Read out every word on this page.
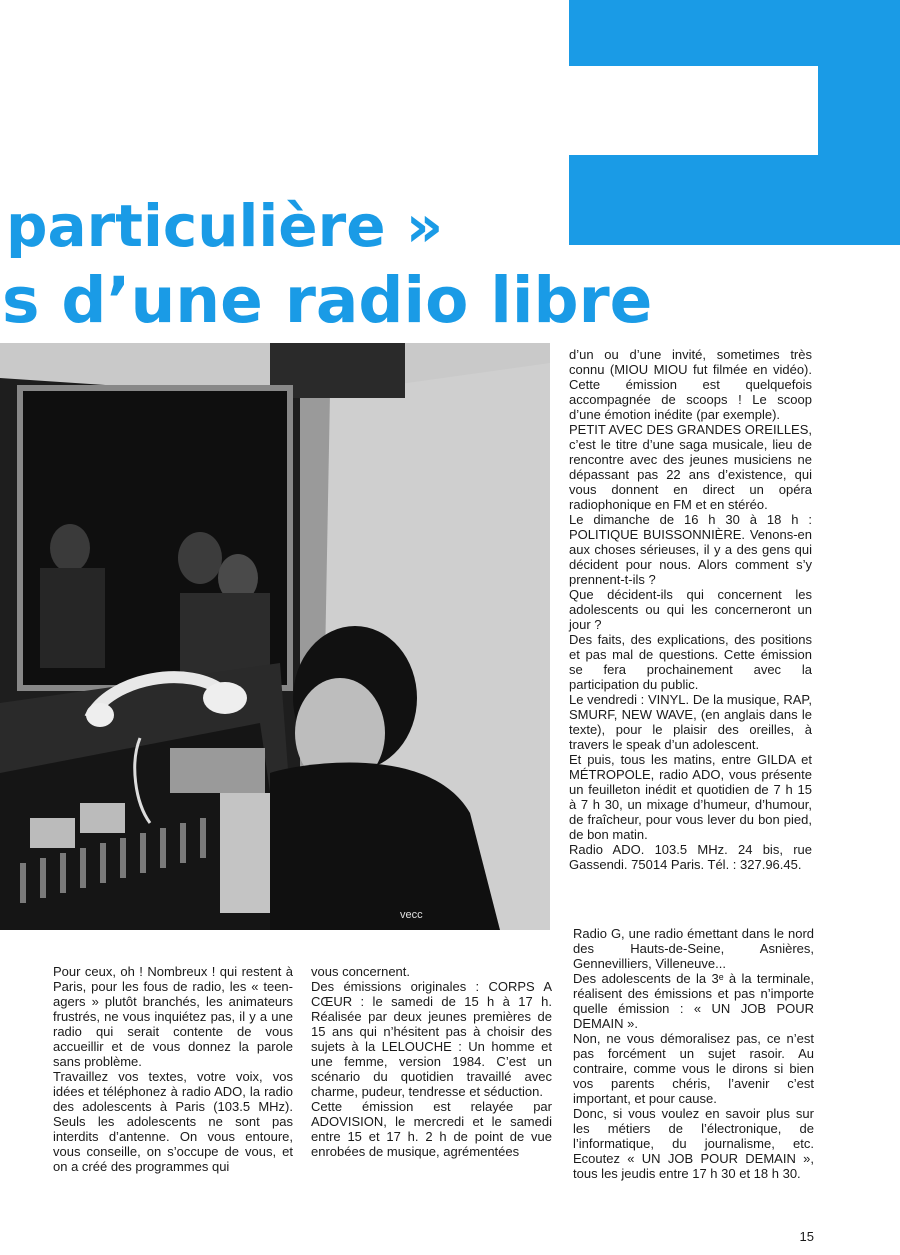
particulière »
s d’une radio libre
vecc

d’un ou d’une invité, sometimes très connu (MIOU MIOU fut filmée en vidéo). Cette émission est quelquefois accompagnée de scoops ! Le scoop d’une émotion inédite (par exemple).

PETIT AVEC DES GRANDES OREILLES, c’est le titre d’une saga musicale, lieu de rencontre avec des jeunes musiciens ne dépassant pas 22 ans d’existence, qui vous donnent en direct un opéra radiophonique en FM et en stéréo.

Le dimanche de 16 h 30 à 18 h : POLITIQUE BUISSONNIÈRE. Venons-en aux choses sérieuses, il y a des gens qui décident pour nous. Alors comment s’y prennent-t-ils ?

Que décident-ils qui concernent les adolescents ou qui les concerneront un jour ?

Des faits, des explications, des positions et pas mal de questions. Cette émission se fera prochainement avec la participation du public.

Le vendredi : VINYL. De la musique, RAP, SMURF, NEW WAVE, (en anglais dans le texte), pour le plaisir des oreilles, à travers le speak d’un adolescent.

Et puis, tous les matins, entre GILDA et MÉTROPOLE, radio ADO, vous présente un feuilleton inédit et quotidien de 7 h 15 à 7 h 30, un mixage d’humeur, d’humour, de fraîcheur, pour vous lever du bon pied, de bon matin.

Radio ADO. 103.5 MHz. 24 bis, rue Gassendi. 75014 Paris. Tél. : 327.96.45.

Pour ceux, oh ! Nombreux ! qui restent à Paris, pour les fous de radio, les « teen-agers » plutôt branchés, les animateurs frustrés, ne vous inquiétez pas, il y a une radio qui serait contente de vous accueillir et de vous donnez la parole sans problème.

Travaillez vos textes, votre voix, vos idées et téléphonez à radio ADO, la radio des adolescents à Paris (103.5 MHz). Seuls les adolescents ne sont pas interdits d’antenne. On vous entoure, vous conseille, on s’occupe de vous, et on a créé des programmes qui

vous concernent.

Des émissions originales : CORPS A CŒUR : le samedi de 15 h à 17 h. Réalisée par deux jeunes premières de 15 ans qui n’hésitent pas à choisir des sujets à la LELOUCHE : Un homme et une femme, version 1984. C’est un scénario du quotidien travaillé avec charme, pudeur, tendresse et séduction.

Cette émission est relayée par ADOVISION, le mercredi et le samedi entre 15 et 17 h. 2 h de point de vue enrobées de musique, agrémentées

Radio G, une radio émettant dans le nord des Hauts-de-Seine, Asnières, Gennevilliers, Villeneuve...

Des adolescents de la 3ᵉ à la terminale, réalisent des émissions et pas n’importe quelle émission : « UN JOB POUR DEMAIN ».

Non, ne vous démoralisez pas, ce n’est pas forcément un sujet rasoir. Au contraire, comme vous le dirons si bien vos parents chéris, l’avenir c’est important, et pour cause.

Donc, si vous voulez en savoir plus sur les métiers de l’électronique, de l’informatique, du journalisme, etc. Ecoutez « UN JOB POUR DEMAIN », tous les jeudis entre 17 h 30 et 18 h 30.

15
